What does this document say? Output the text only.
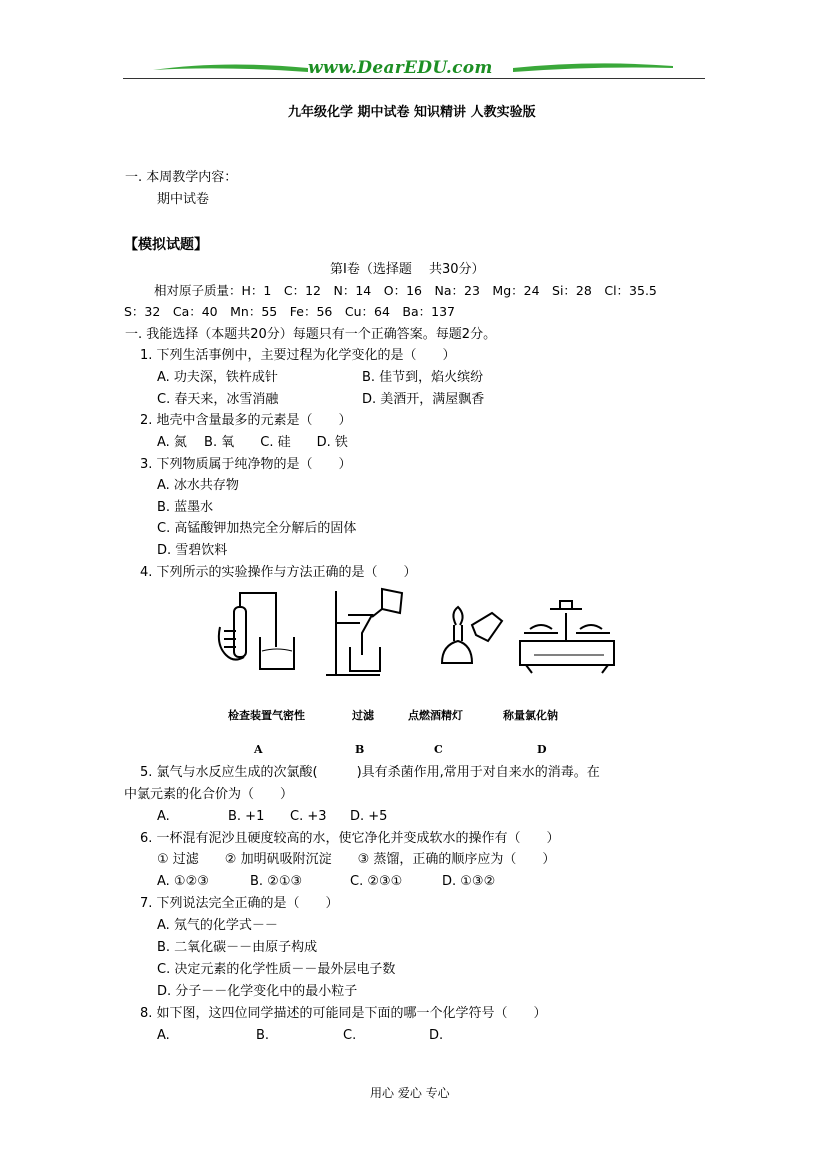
www.DearEDU.com
九年级化学 期中试卷 知识精讲 人教实验版
一. 本周教学内容：
期中试卷
【模拟试题】
第Ⅰ卷（选择题　 共30分）
相对原子质量：H：1　C：12　N：14　O：16　Na：23　Mg：24　Si：28　Cl：35.5
S：32　Ca：40　Mn：55　Fe：56　Cu：64　Ba：137
一. 我能选择（本题共20分）每题只有一个正确答案。每题2分。
1. 下列生活事例中，主要过程为化学变化的是（　　）
A. 功夫深，铁杵成针	B. 佳节到，焰火缤纷
C. 春天来，冰雪消融	D. 美酒开，满屋飘香
2. 地壳中含量最多的元素是（　　）
A. 氮　 B. 氧　　C. 硅　　D. 铁
3. 下列物质属于纯净物的是（　　）
A. 冰水共存物
B. 蓝墨水
C. 高锰酸钾加热完全分解后的固体
D. 雪碧饮料
4. 下列所示的实验操作与方法正确的是（　　）
检查装置气密性	过滤	点燃酒精灯	称量氯化钠
A	B	C	D
5. 氯气与水反应生成的次氯酸(　　　)具有杀菌作用,常用于对自来水的消毒。在
中氯元素的化合价为（　　）
A.	B. +1 C. +3 D. +5
6. 一杯混有泥沙且硬度较高的水，使它净化并变成软水的操作有（　　）
① 过滤　　② 加明矾吸附沉淀　　③ 蒸馏，正确的顺序应为（　　）
A. ①②③	B. ②①③	C. ②③①	D. ①③②
7. 下列说法完全正确的是（　　）
A. 氖气的化学式－－
B. 二氧化碳－－由原子构成
C. 决定元素的化学性质－－最外层电子数
D. 分子－－化学变化中的最小粒子
8. 如下图，这四位同学描述的可能同是下面的哪一个化学符号（　　）
A.	B.	C.	D.
用心 爱心 专心
